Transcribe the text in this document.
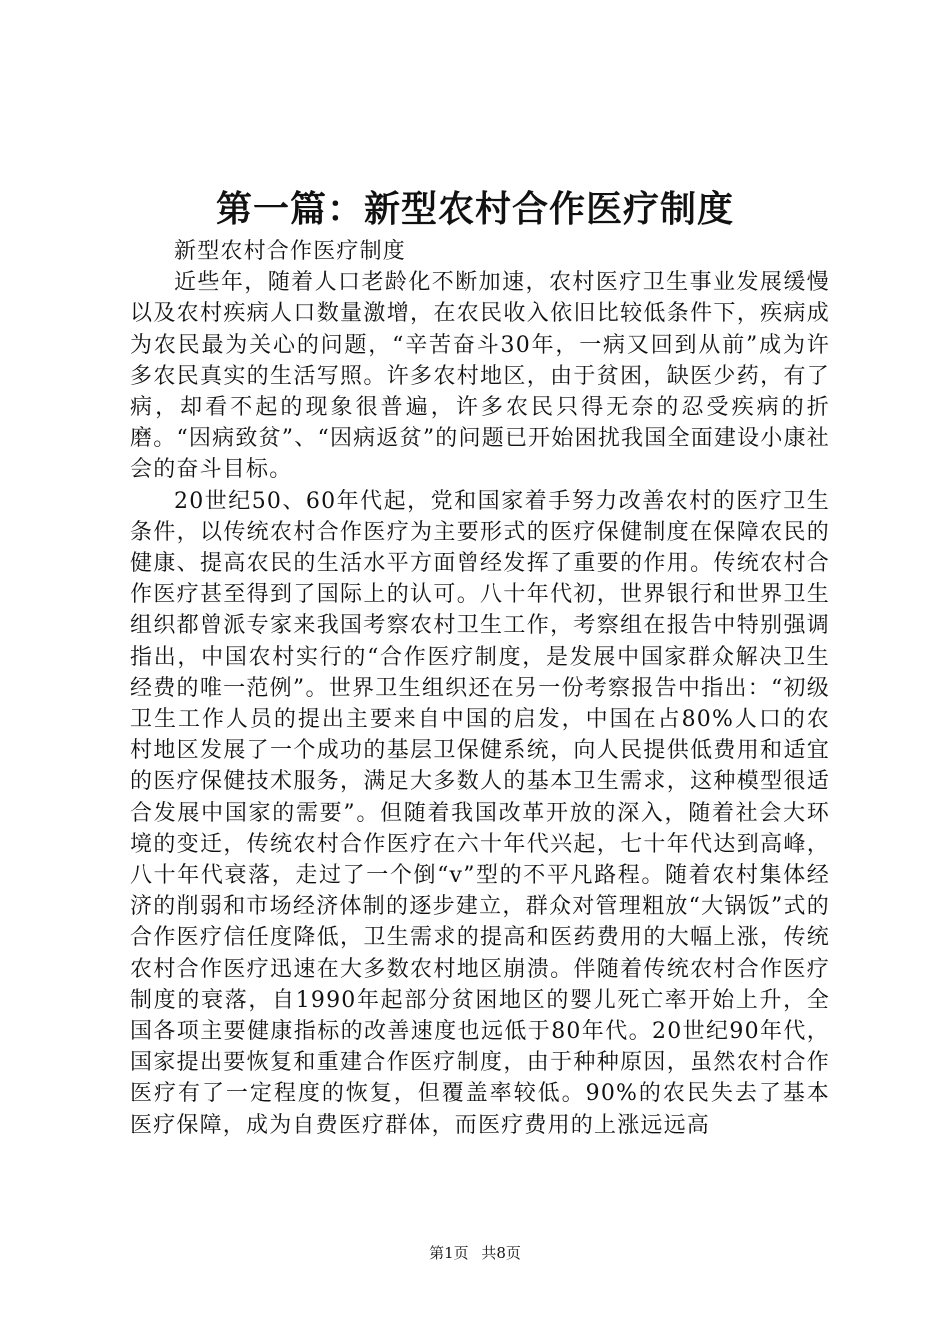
第一篇：新型农村合作医疗制度

新型农村合作医疗制度

近些年，随着人口老龄化不断加速，农村医疗卫生事业发展缓慢以及农村疾病人口数量激增，在农民收入依旧比较低条件下，疾病成为农民最为关心的问题，“辛苦奋斗30年，一病又回到从前”成为许多农民真实的生活写照。许多农村地区，由于贫困，缺医少药，有了病，却看不起的现象很普遍，许多农民只得无奈的忍受疾病的折磨。“因病致贫”、“因病返贫”的问题已开始困扰我国全面建设小康社会的奋斗目标。

20世纪50、60年代起，党和国家着手努力改善农村的医疗卫生条件，以传统农村合作医疗为主要形式的医疗保健制度在保障农民的健康、提高农民的生活水平方面曾经发挥了重要的作用。传统农村合作医疗甚至得到了国际上的认可。八十年代初，世界银行和世界卫生组织都曾派专家来我国考察农村卫生工作，考察组在报告中特别强调指出，中国农村实行的“合作医疗制度，是发展中国家群众解决卫生经费的唯一范例”。世界卫生组织还在另一份考察报告中指出：“初级卫生工作人员的提出主要来自中国的启发，中国在占80%人口的农村地区发展了一个成功的基层卫保健系统，向人民提供低费用和适宜的医疗保健技术服务，满足大多数人的基本卫生需求，这种模型很适合发展中国家的需要”。但随着我国改革开放的深入，随着社会大环境的变迁，传统农村合作医疗在六十年代兴起，七十年代达到高峰，八十年代衰落，走过了一个倒“v”型的不平凡路程。随着农村集体经济的削弱和市场经济体制的逐步建立，群众对管理粗放“大锅饭”式的合作医疗信任度降低，卫生需求的提高和医药费用的大幅上涨，传统农村合作医疗迅速在大多数农村地区崩溃。伴随着传统农村合作医疗制度的衰落，自1990年起部分贫困地区的婴儿死亡率开始上升，全国各项主要健康指标的改善速度也远低于80年代。20世纪90年代，国家提出要恢复和重建合作医疗制度，由于种种原因，虽然农村合作医疗有了一定程度的恢复，但覆盖率较低。90%的农民失去了基本医疗保障，成为自费医疗群体，而医疗费用的上涨远远高

第1页 共8页
